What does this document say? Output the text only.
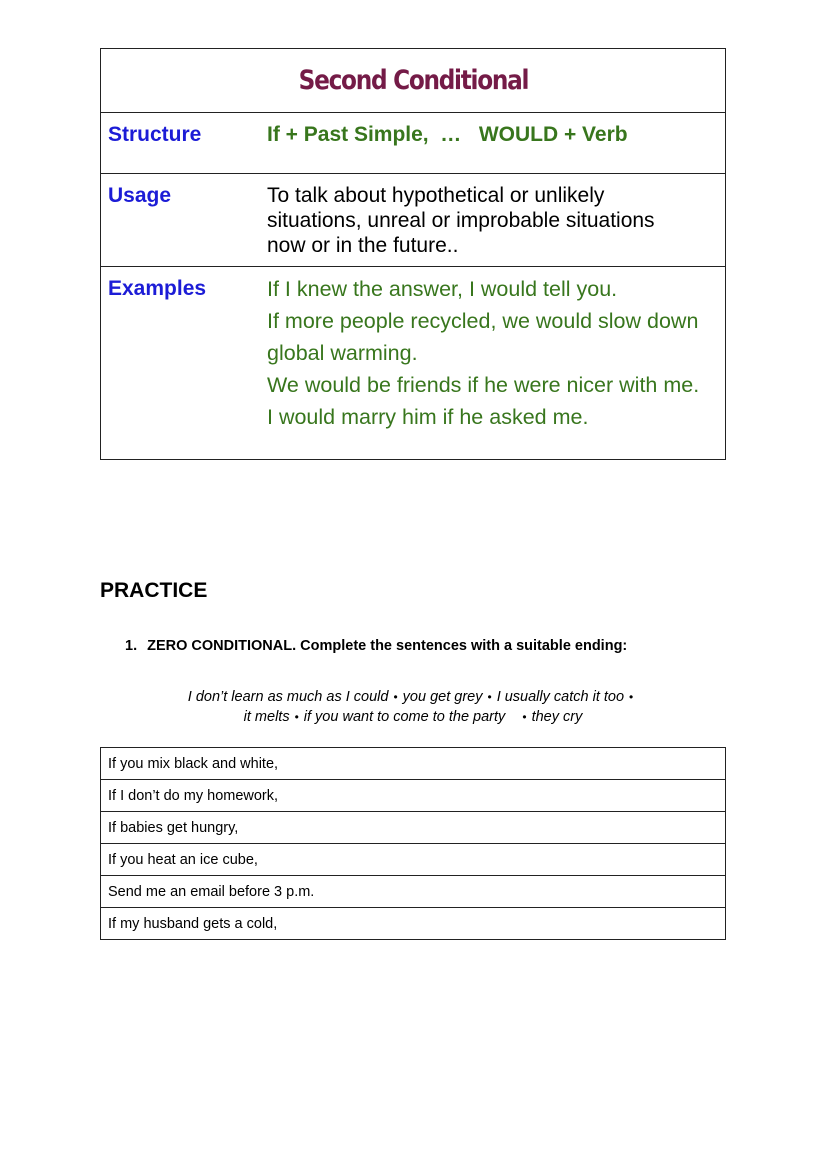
Second Conditional
Structure	If + Past Simple,  …   WOULD + Verb
Usage	To talk about hypothetical or unlikely
situations, unreal or improbable situations
now or in the future..
Examples	If I knew the answer, I would tell you.
If more people recycled, we would slow down
global warming.
We would be friends if he were nicer with me.
I would marry him if he asked me.
PRACTICE
1. ZERO CONDITIONAL. Complete the sentences with a suitable ending:
I don’t learn as much as I could • you get grey • I usually catch it too •
it melts • if you want to come to the party • they cry
If you mix black and white,
If I don’t do my homework,
If babies get hungry,
If you heat an ice cube,
Send me an email before 3 p.m.
If my husband gets a cold,
